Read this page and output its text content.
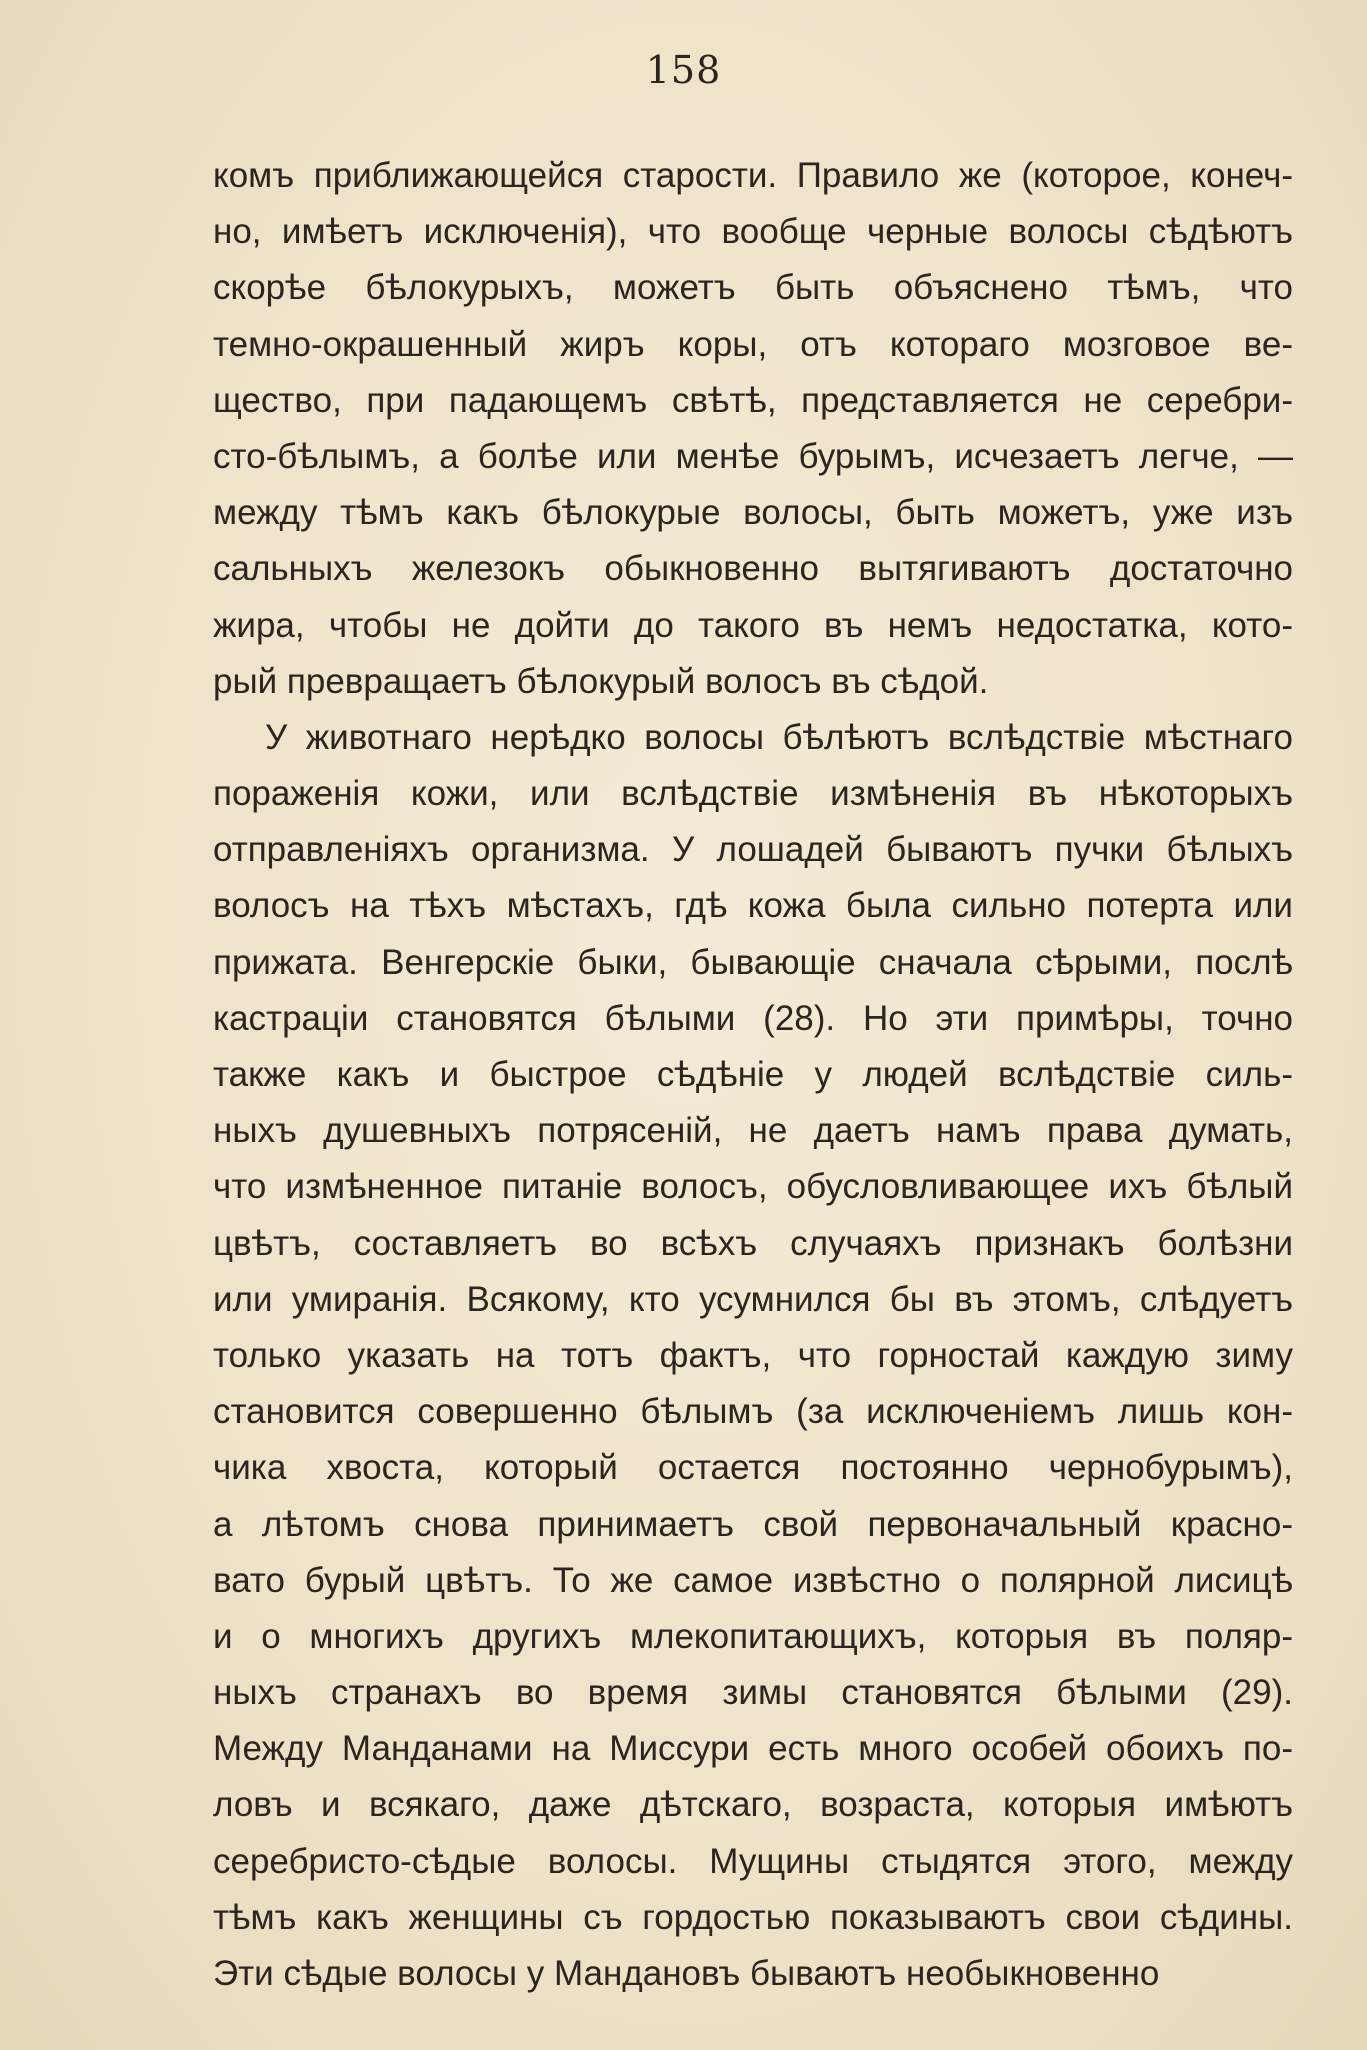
158
комъ приближающейся старости. Правило же (которое, конеч-
но, имѣетъ исключенія), что вообще черные волосы сѣдѣютъ
скорѣе бѣлокурыхъ, можетъ быть объяснено тѣмъ, что
темно-окрашенный жиръ коры, отъ котораго мозговое ве-
щество, при падающемъ свѣтѣ, представляется не серебри-
сто-бѣлымъ, а болѣе или менѣе бурымъ, исчезаетъ легче, —
между тѣмъ какъ бѣлокурые волосы, быть можетъ, уже изъ
сальныхъ железокъ обыкновенно вытягиваютъ достаточно
жира, чтобы не дойти до такого въ немъ недостатка, кото-
рый превращаетъ бѣлокурый волосъ въ сѣдой.
У животнаго нерѣдко волосы бѣлѣютъ вслѣдствіе мѣстнаго
пораженія кожи, или вслѣдствіе измѣненія въ нѣкоторыхъ
отправленіяхъ организма. У лошадей бываютъ пучки бѣлыхъ
волосъ на тѣхъ мѣстахъ, гдѣ кожа была сильно потерта или
прижата. Венгерскіе быки, бывающіе сначала сѣрыми, послѣ
кастраціи становятся бѣлыми (28). Но эти примѣры, точно
также какъ и быстрое сѣдѣніе у людей вслѣдствіе силь-
ныхъ душевныхъ потрясеній, не даетъ намъ права думать,
что измѣненное питаніе волосъ, обусловливающее ихъ бѣлый
цвѣтъ, составляетъ во всѣхъ случаяхъ признакъ болѣзни
или умиранія. Всякому, кто усумнился бы въ этомъ, слѣдуетъ
только указать на тотъ фактъ, что горностай каждую зиму
становится совершенно бѣлымъ (за исключеніемъ лишь кон-
чика хвоста, который остается постоянно чернобурымъ),
а лѣтомъ снова принимаетъ свой первоначальный красно-
вато бурый цвѣтъ. То же самое извѣстно о полярной лисицѣ
и о многихъ другихъ млекопитающихъ, которыя въ поляр-
ныхъ странахъ во время зимы становятся бѣлыми (29).
Между Манданами на Миссури есть много особей обоихъ по-
ловъ и всякаго, даже дѣтскаго, возраста, которыя имѣютъ
серебристо-сѣдые волосы. Мущины стыдятся этого, между
тѣмъ какъ женщины съ гордостью показываютъ свои сѣдины.
Эти сѣдые волосы у Мандановъ бываютъ необыкновенно
